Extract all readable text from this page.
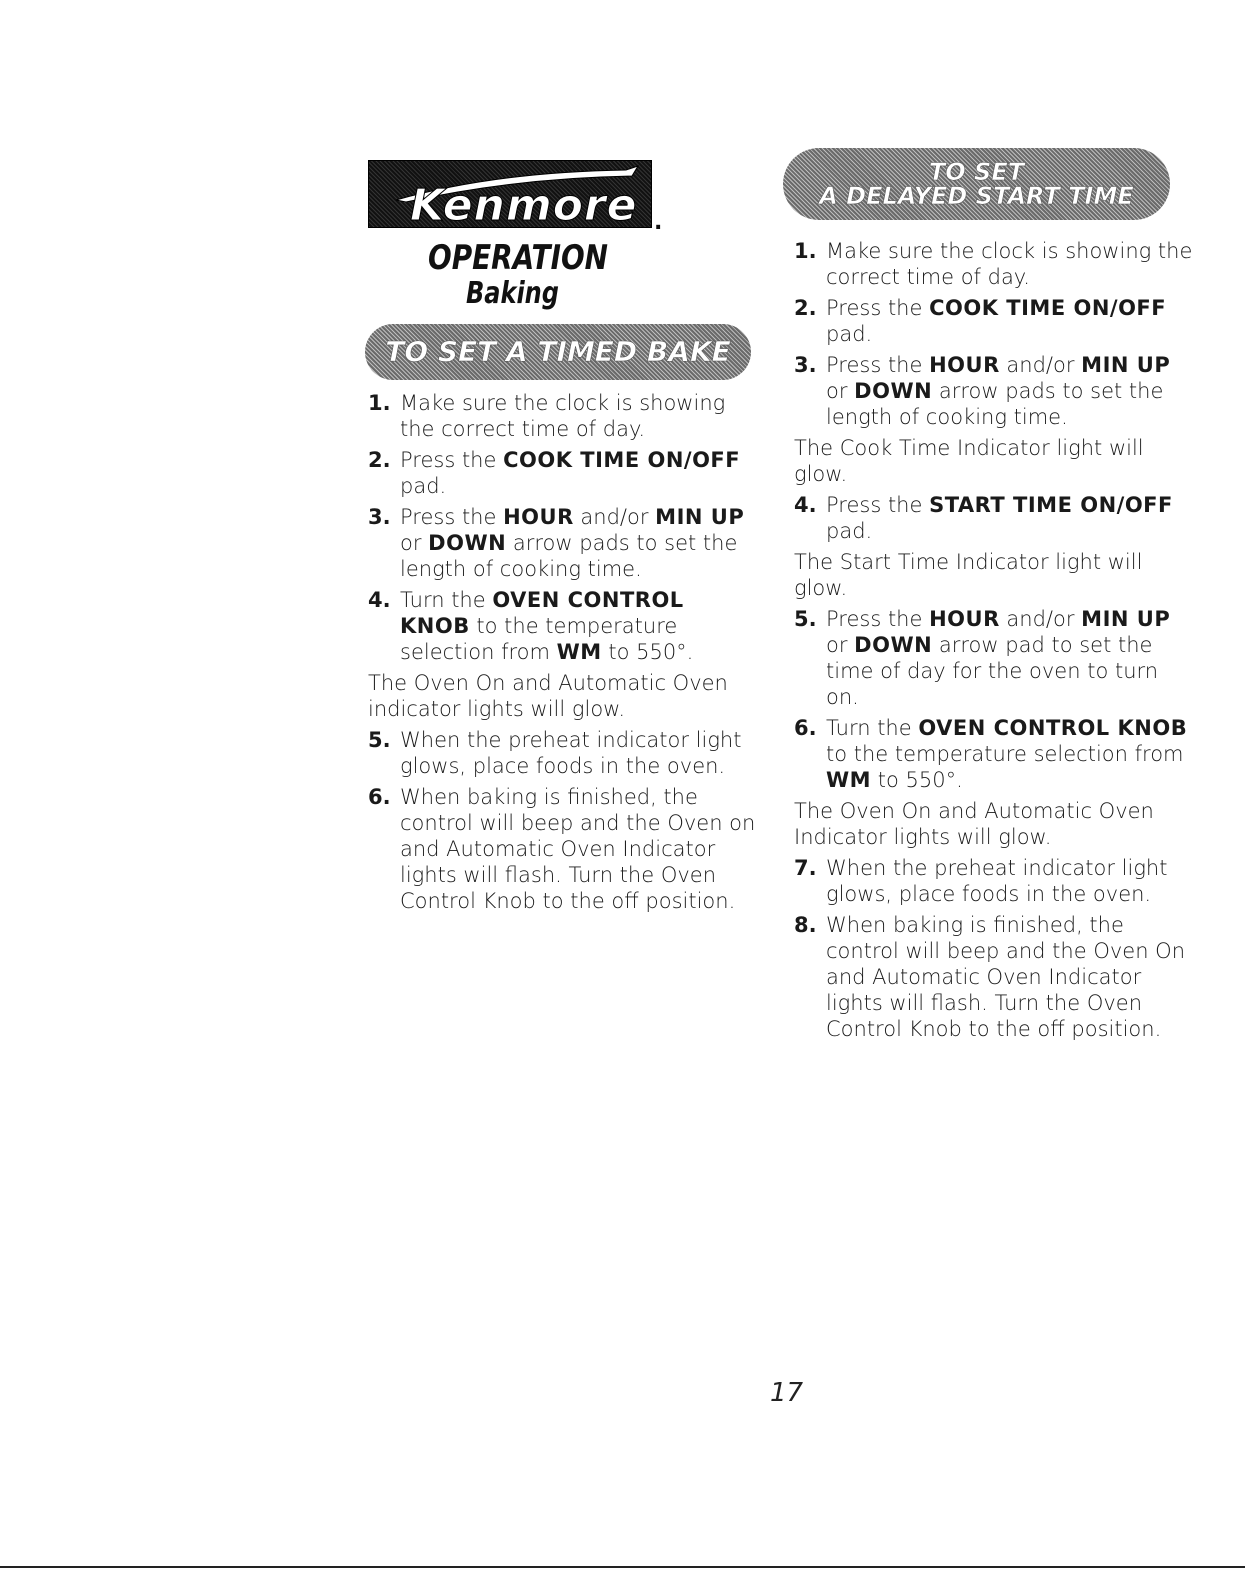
Kenmore .
OPERATION
Baking
TO SET A TIMED BAKE
TO SET
A DELAYED START TIME
1. Make sure the clock is showing the correct time of day.
2. Press the COOK TIME ON/OFF pad.
3. Press the HOUR and/or MIN UP or DOWN arrow pads to set the length of cooking time.
4. Turn the OVEN CONTROL KNOB to the temperature selection from WM to 550°.

The Oven On and Automatic Oven indicator lights will glow.

5. When the preheat indicator light glows, place foods in the oven.
6. When baking is finished, the control will beep and the Oven on and Automatic Oven Indicator lights will flash. Turn the Oven Control Knob to the off position.
1. Make sure the clock is showing the correct time of day.
2. Press the COOK TIME ON/OFF pad.
3. Press the HOUR and/or MIN UP or DOWN arrow pads to set the length of cooking time.

The Cook Time Indicator light will glow.

4. Press the START TIME ON/OFF pad.

The Start Time Indicator light will glow.

5. Press the HOUR and/or MIN UP or DOWN arrow pad to set the time of day for the oven to turn on.
6. Turn the OVEN CONTROL KNOB to the temperature selection from WM to 550°.

The Oven On and Automatic Oven Indicator lights will glow.

7. When the preheat indicator light glows, place foods in the oven.
8. When baking is finished, the control will beep and the Oven On and Automatic Oven Indicator lights will flash. Turn the Oven Control Knob to the off position.
17
